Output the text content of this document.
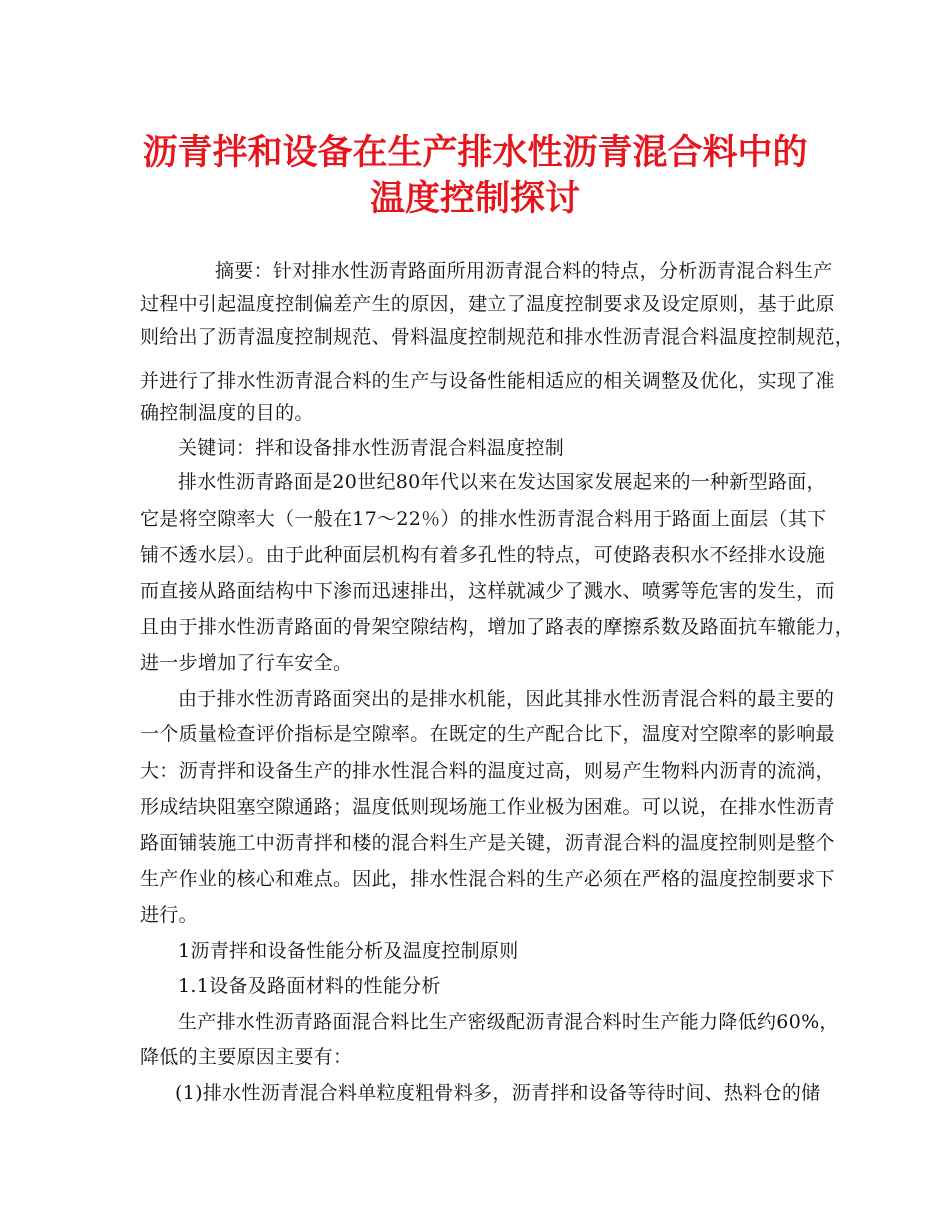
沥青拌和设备在生产排水性沥青混合料中的
温度控制探讨
摘要：针对排水性沥青路面所用沥青混合料的特点，分析沥青混合料生产
过程中引起温度控制偏差产生的原因，建立了温度控制要求及设定原则，基于此原
则给出了沥青温度控制规范、骨料温度控制规范和排水性沥青混合料温度控制规范，
并进行了排水性沥青混合料的生产与设备性能相适应的相关调整及优化，实现了准
确控制温度的目的。
关键词：拌和设备排水性沥青混合料温度控制
排水性沥青路面是20世纪80年代以来在发达国家发展起来的一种新型路面，
它是将空隙率大（一般在17～22％）的排水性沥青混合料用于路面上面层（其下
铺不透水层）。由于此种面层机构有着多孔性的特点，可使路表积水不经排水设施
而直接从路面结构中下渗而迅速排出，这样就减少了溅水、喷雾等危害的发生，而
且由于排水性沥青路面的骨架空隙结构，增加了路表的摩擦系数及路面抗车辙能力，
进一步增加了行车安全。
由于排水性沥青路面突出的是排水机能，因此其排水性沥青混合料的最主要的
一个质量检查评价指标是空隙率。在既定的生产配合比下，温度对空隙率的影响最
大：沥青拌和设备生产的排水性混合料的温度过高，则易产生物料内沥青的流淌，
形成结块阻塞空隙通路；温度低则现场施工作业极为困难。可以说，在排水性沥青
路面铺装施工中沥青拌和楼的混合料生产是关键，沥青混合料的温度控制则是整个
生产作业的核心和难点。因此，排水性混合料的生产必须在严格的温度控制要求下
进行。
1沥青拌和设备性能分析及温度控制原则
1.1设备及路面材料的性能分析
生产排水性沥青路面混合料比生产密级配沥青混合料时生产能力降低约60%，
降低的主要原因主要有：
(1)排水性沥青混合料单粒度粗骨料多，沥青拌和设备等待时间、热料仓的储
